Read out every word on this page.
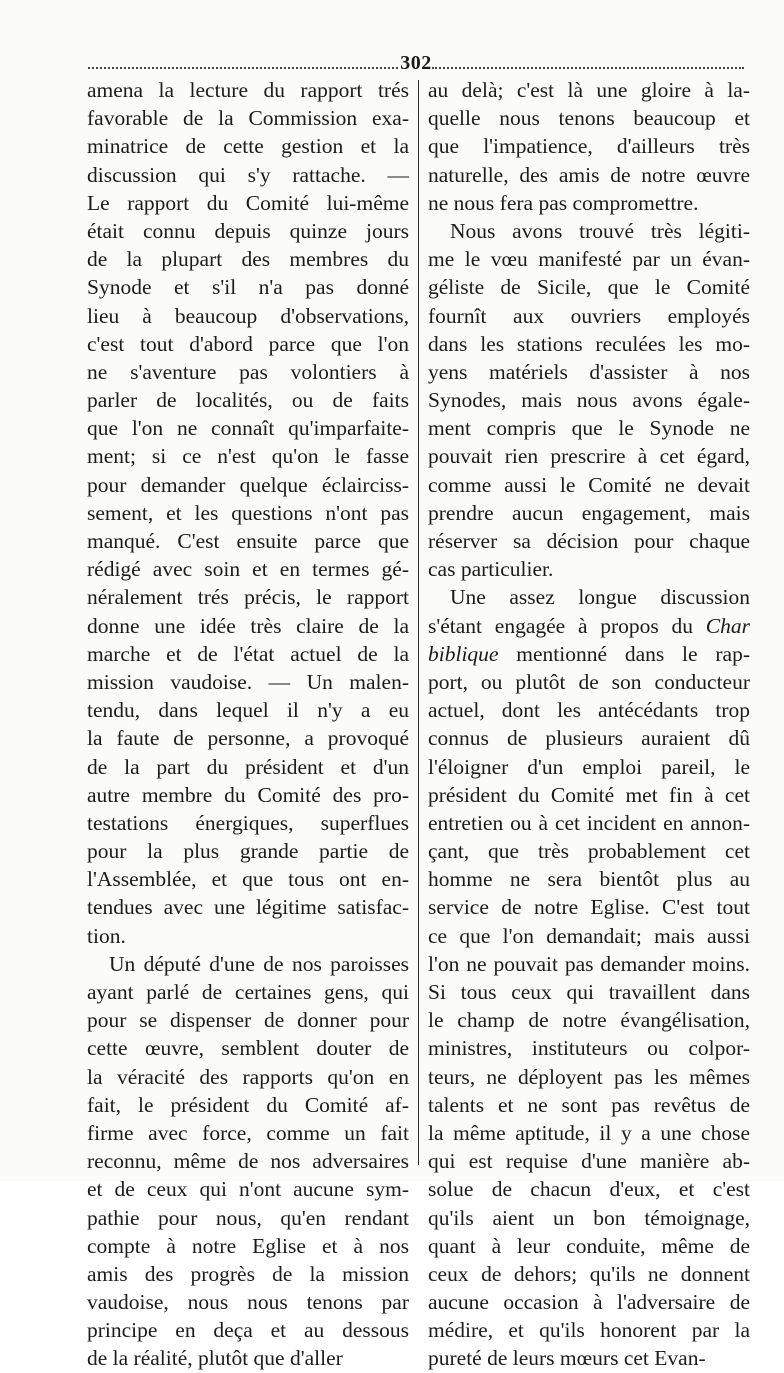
302
amena la lecture du rapport trés
favorable de la Commission exa-
minatrice de cette gestion et la
discussion qui s'y rattache. —
Le rapport du Comité lui-même
était connu depuis quinze jours
de la plupart des membres du
Synode et s'il n'a pas donné
lieu à beaucoup d'observations,
c'est tout d'abord parce que l'on
ne s'aventure pas volontiers à
parler de localités, ou de faits
que l'on ne connaît qu'imparfaite-
ment; si ce n'est qu'on le fasse
pour demander quelque éclairciss-
sement, et les questions n'ont pas
manqué. C'est ensuite parce que
rédigé avec soin et en termes gé-
néralement trés précis, le rapport
donne une idée très claire de la
marche et de l'état actuel de la
mission vaudoise. — Un malen-
tendu, dans lequel il n'y a eu
la faute de personne, a provoqué
de la part du président et d'un
autre membre du Comité des pro-
testations énergiques, superflues
pour la plus grande partie de
l'Assemblée, et que tous ont en-
tendues avec une légitime satisfac-
tion.
Un député d'une de nos paroisses
ayant parlé de certaines gens, qui
pour se dispenser de donner pour
cette œuvre, semblent douter de
la véracité des rapports qu'on en
fait, le président du Comité af-
firme avec force, comme un fait
reconnu, même de nos adversaires
et de ceux qui n'ont aucune sym-
pathie pour nous, qu'en rendant
compte à notre Eglise et à nos
amis des progrès de la mission
vaudoise, nous nous tenons par
principe en deça et au dessous
de la réalité, plutôt que d'aller
au delà; c'est là une gloire à la-
quelle nous tenons beaucoup et
que l'impatience, d'ailleurs très
naturelle, des amis de notre œuvre
ne nous fera pas compromettre.
Nous avons trouvé très légiti-
me le vœu manifesté par un évan-
géliste de Sicile, que le Comité
fournît aux ouvriers employés
dans les stations reculées les mo-
yens matériels d'assister à nos
Synodes, mais nous avons égale-
ment compris que le Synode ne
pouvait rien prescrire à cet égard,
comme aussi le Comité ne devait
prendre aucun engagement, mais
réserver sa décision pour chaque
cas particulier.
Une assez longue discussion
s'étant engagée à propos du Char
biblique mentionné dans le rap-
port, ou plutôt de son conducteur
actuel, dont les antécédants trop
connus de plusieurs auraient dû
l'éloigner d'un emploi pareil, le
président du Comité met fin à cet
entretien ou à cet incident en annon-
çant, que très probablement cet
homme ne sera bientôt plus au
service de notre Eglise. C'est tout
ce que l'on demandait; mais aussi
l'on ne pouvait pas demander moins.
Si tous ceux qui travaillent dans
le champ de notre évangélisation,
ministres, instituteurs ou colpor-
teurs, ne déployent pas les mêmes
talents et ne sont pas revêtus de
la même aptitude, il y a une chose
qui est requise d'une manière ab-
solue de chacun d'eux, et c'est
qu'ils aient un bon témoignage,
quant à leur conduite, même de
ceux de dehors; qu'ils ne donnent
aucune occasion à l'adversaire de
médire, et qu'ils honorent par la
pureté de leurs mœurs cet Evan-
